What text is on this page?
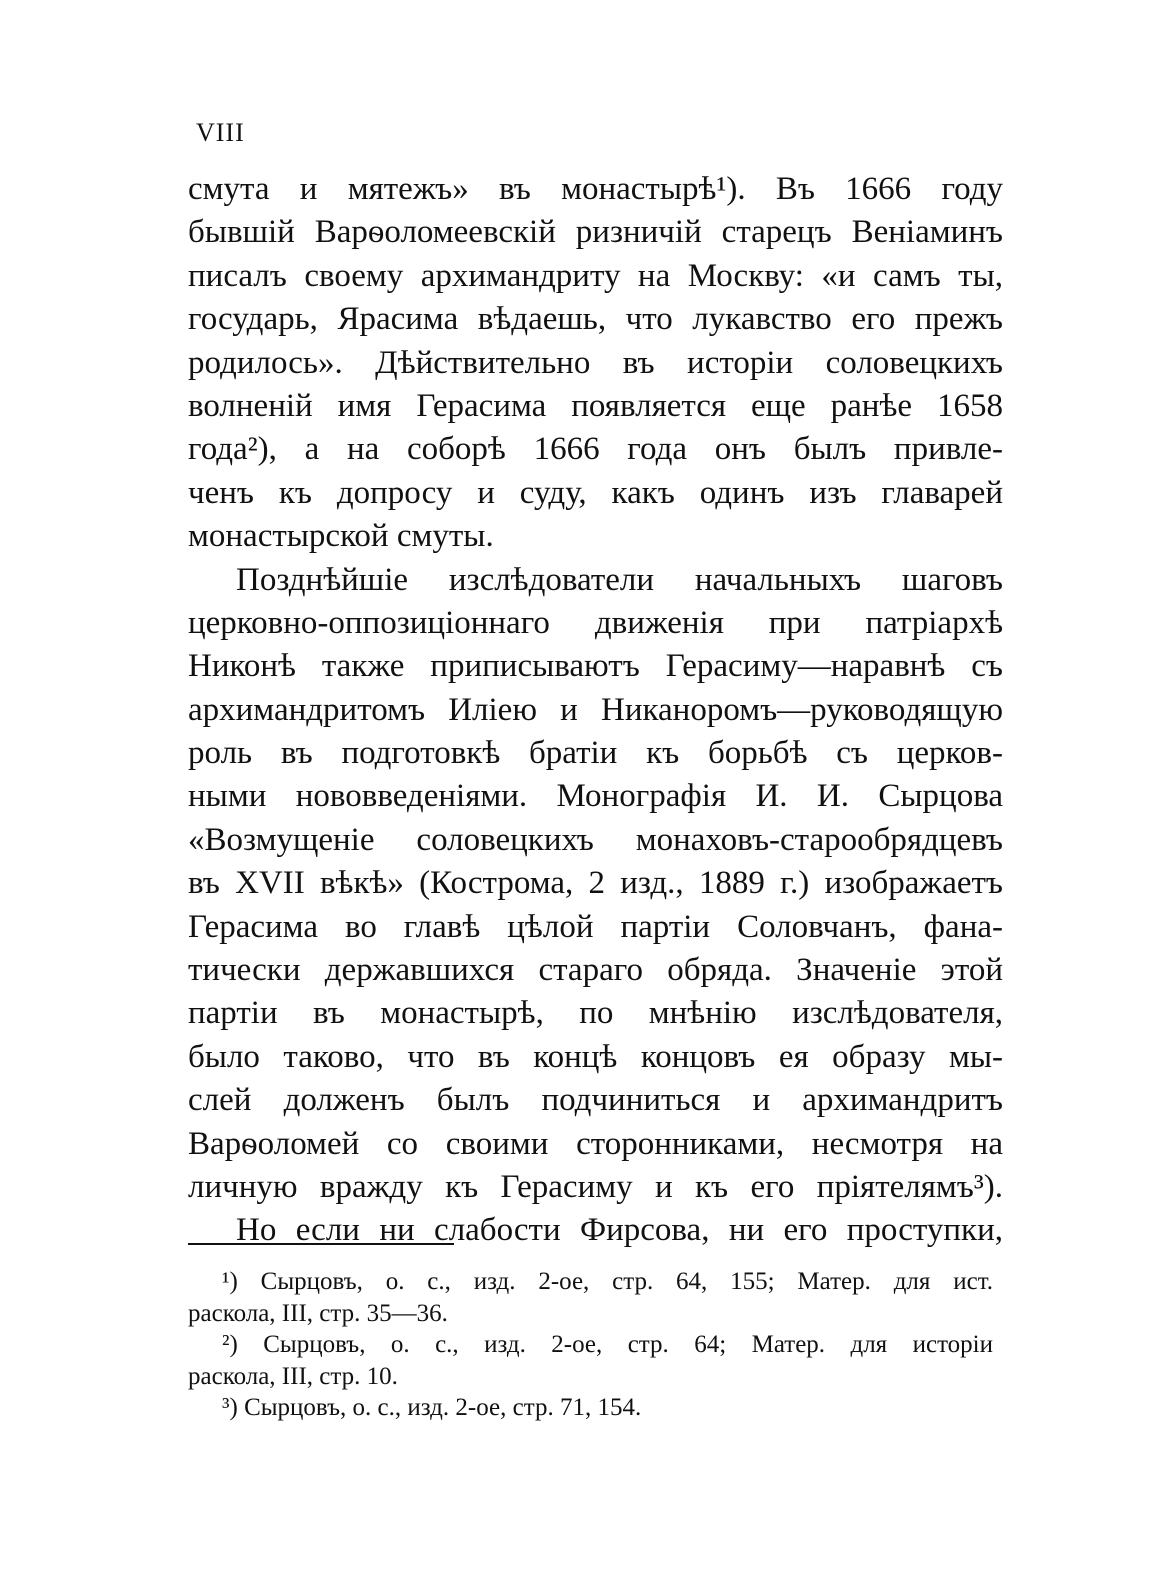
VIII
смута и мятежъ» въ монастырѣ¹). Въ 1666 году
бывшій Варѳоломеевскій ризничій старецъ Веніаминъ
писалъ своему архимандриту на Москву: «и самъ ты,
государь, Ярасима вѣдаешь, что лукавство его прежъ
родилось». Дѣйствительно въ исторіи соловецкихъ
волненій имя Герасима появляется еще ранѣе 1658
года²), а на соборѣ 1666 года онъ былъ привле-
ченъ къ допросу и суду, какъ одинъ изъ главарей
монастырской смуты.
Позднѣйшіе изслѣдователи начальныхъ шаговъ
церковно-оппозиціоннаго движенія при патріархѣ
Никонѣ также приписываютъ Герасиму—наравнѣ съ
архимандритомъ Иліею и Никаноромъ—руководящую
роль въ подготовкѣ братіи къ борьбѣ съ церков-
ными нововведеніями. Монографія И. И. Сырцова
«Возмущеніе соловецкихъ монаховъ-старообрядцевъ
въ XVII вѣкѣ» (Кострома, 2 изд., 1889 г.) изображаетъ
Герасима во главѣ цѣлой партіи Соловчанъ, фана-
тически державшихся стараго обряда. Значеніе этой
партіи въ монастырѣ, по мнѣнію изслѣдователя,
было таково, что въ концѣ концовъ ея образу мы-
слей долженъ былъ подчиниться и архимандритъ
Варѳоломей со своими сторонниками, несмотря на
личную вражду къ Герасиму и къ его пріятелямъ³).
Но если ни слабости Фирсова, ни его проступки,
¹) Сырцовъ, о. с., изд. 2-ое, стр. 64, 155; Матер. для ист.
раскола, III, стр. 35—36.
²) Сырцовъ, о. с., изд. 2-ое, стр. 64; Матер. для исторіи
раскола, III, стр. 10.
³) Сырцовъ, о. с., изд. 2-ое, стр. 71, 154.
